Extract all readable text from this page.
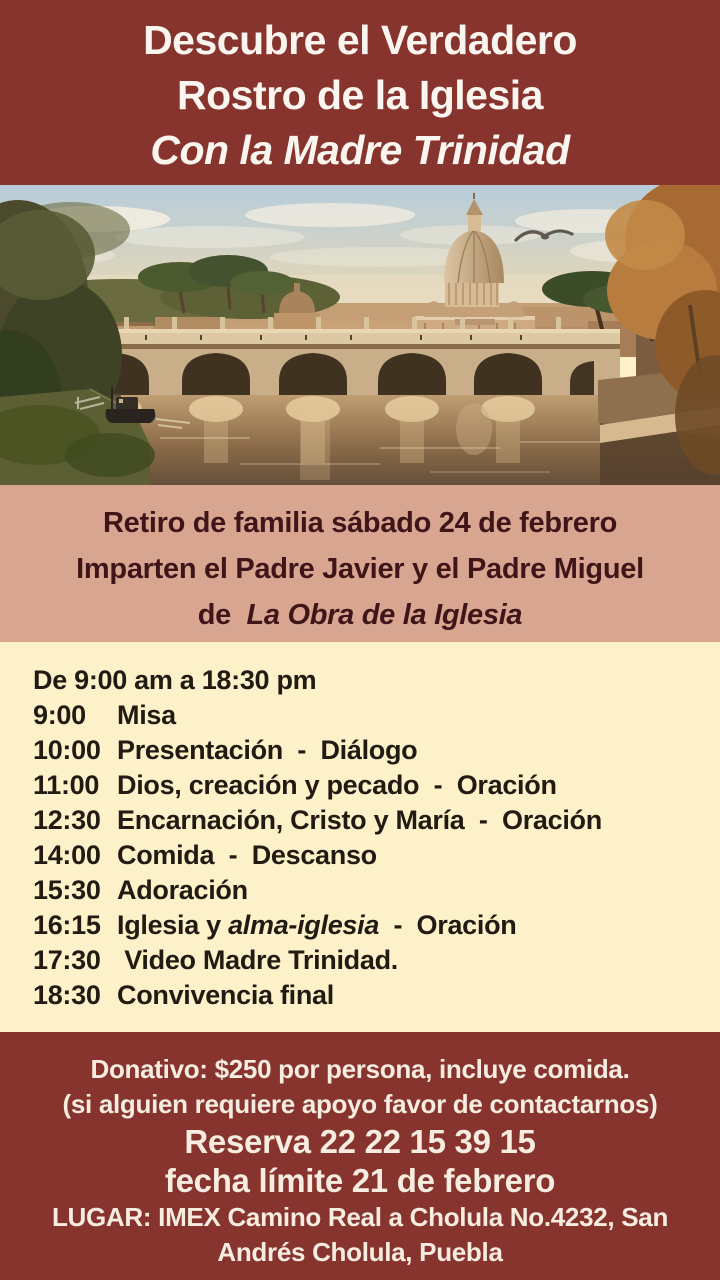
Descubre el Verdadero
Rostro de la Iglesia
Con la Madre Trinidad
Retiro de familia sábado 24 de febrero
Imparten el Padre Javier y el Padre Miguel
de  La Obra de la Iglesia
De 9:00 am a 18:30 pm
9:00	Misa
10:00 Presentación  -  Diálogo
11:00 Dios, creación y pecado  -  Oración
12:30 Encarnación, Cristo y María  -  Oración
14:00 Comida  -  Descanso
15:30 Adoración
16:15 Iglesia y alma-iglesia  -  Oración
17:30 Video Madre Trinidad.
18:30 Convivencia final
Donativo: $250 por persona, incluye comida.
(si alguien requiere apoyo favor de contactarnos)
Reserva 22 22 15 39 15
fecha límite 21 de febrero
LUGAR: IMEX Camino Real a Cholula No.4232, San Andrés Cholula, Puebla
